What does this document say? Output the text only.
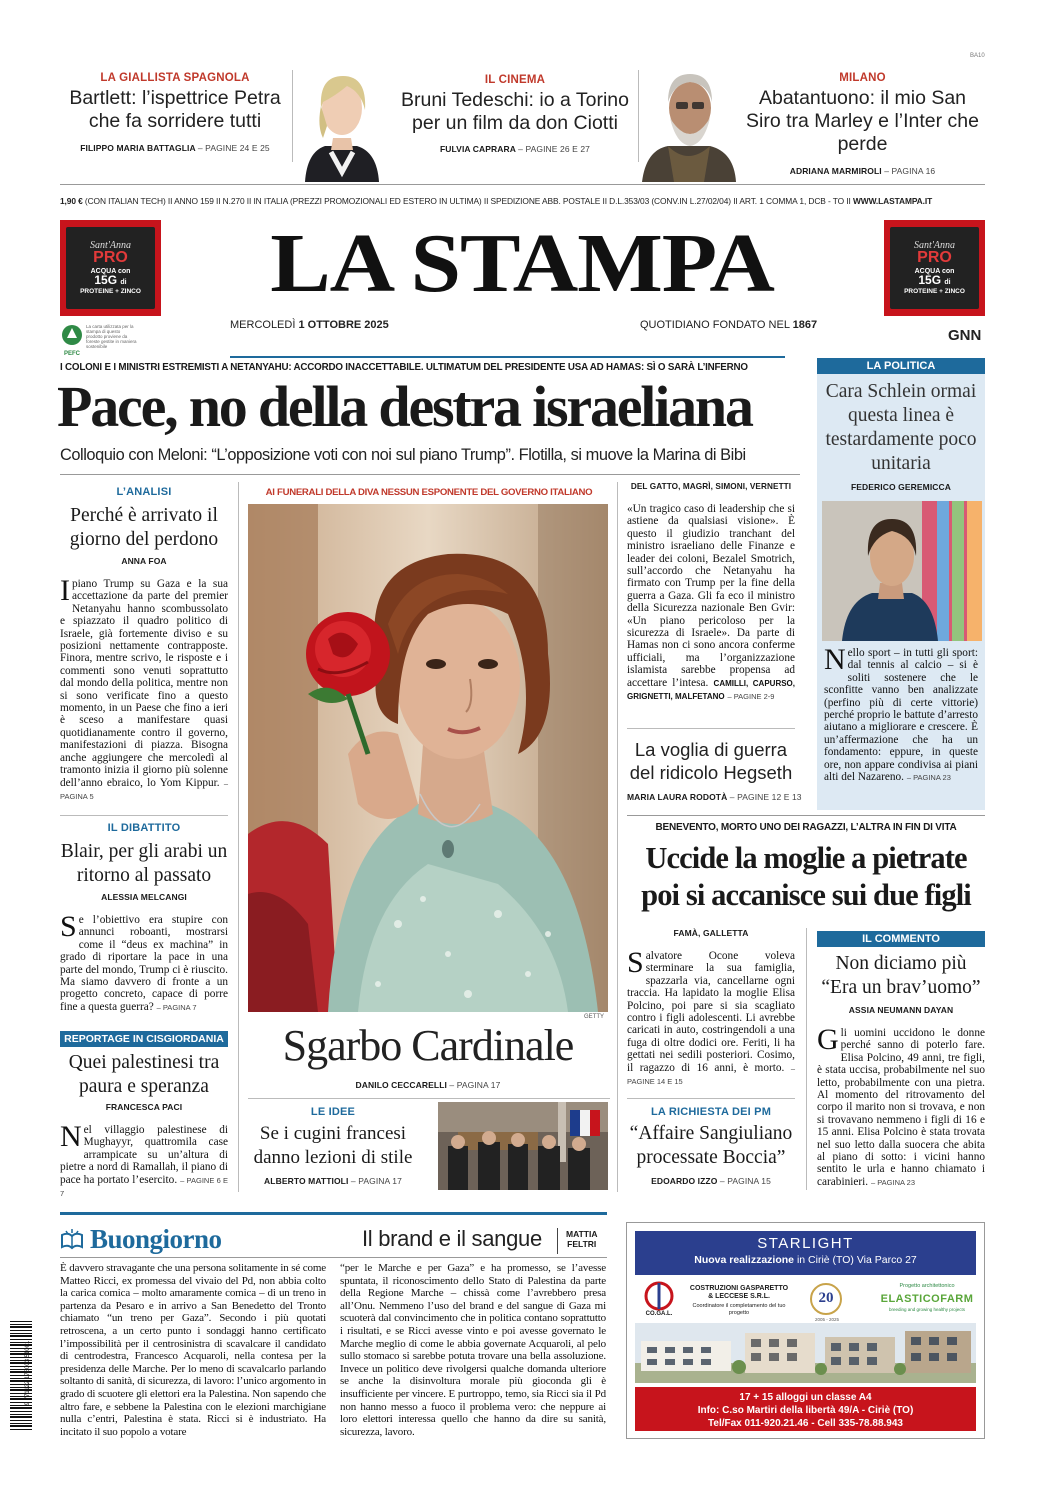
BA10
LA GIALLISTA SPAGNOLA
Bartlett: l’ispettrice Petra che fa sorridere tutti
FILIPPO MARIA BATTAGLIA – PAGINE 24 E 25
IL CINEMA
Bruni Tedeschi: io a Torino per un film da don Ciotti
FULVIA CAPRARA – PAGINE 26 E 27
MILANO
Abatantuono: il mio San Siro tra Marley e l’Inter che perde
ADRIANA MARMIROLI – PAGINA 16
1,90 € (CON ITALIAN TECH) II ANNO 159 II N.270 II IN ITALIA (PREZZI PROMOZIONALI ED ESTERO IN ULTIMA) II SPEDIZIONE ABB. POSTALE II D.L.353/03 (CONV.IN L.27/02/04) II ART. 1 COMMA 1, DCB - TO II WWW.LASTAMPA.IT
Sant'Anna
PRO
ACQUA con
15G di
PROTEINE + ZINCO	LA STAMPA	Sant'Anna
PRO
ACQUA con
15G di
PROTEINE + ZINCO
PEFC
La carta utilizzata per la stampa di questo prodotto proviene da foreste gestite in maniera sostenibile
MERCOLEDÌ 1 OTTOBRE 2025	QUOTIDIANO FONDATO NEL 1867
GNN
I COLONI E I MINISTRI ESTREMISTI A NETANYAHU: ACCORDO INACCETTABILE. ULTIMATUM DEL PRESIDENTE USA AD HAMAS: SÌ O SARÀ L’INFERNO
Pace, no della destra israeliana
Colloquio con Meloni: “L’opposizione voti con noi sul piano Trump”. Flotilla, si muove la Marina di Bibi
L’ANALISI
Perché è arrivato il giorno del perdono
ANNA FOA
Ipiano Trump su Gaza e la sua accettazione da parte del premier Netanyahu hanno scombussolato e spiazzato il quadro politico di Israele, già fortemente diviso e su posizioni nettamente contrapposte. Finora, mentre scrivo, le risposte e i commenti sono venuti soprattutto dal mondo della politica, mentre non si sono verificate fino a questo momento, in un Paese che fino a ieri è sceso a manifestare quasi quotidianamente contro il governo, manifestazioni di piazza. Bisogna anche aggiungere che mercoledì al tramonto inizia il giorno più solenne dell’anno ebraico, lo Yom Kippur. – PAGINA 5
IL DIBATTITO
Blair, per gli arabi un ritorno al passato
ALESSIA MELCANGI
Se l’obiettivo era stupire con annunci roboanti, mostrarsi come il “deus ex machina” in grado di riportare la pace in una parte del mondo, Trump ci è riuscito. Ma siamo davvero di fronte a un progetto concreto, capace di porre fine a questa guerra? – PAGINA 7
REPORTAGE IN CISGIORDANIA
Quei palestinesi tra paura e speranza
FRANCESCA PACI
Nel villaggio palestinese di Mughayyr, quattromila case arrampicate su un’altura di pietre a nord di Ramallah, il piano di pace ha portato l’esercito. – PAGINE 6 E 7
AI FUNERALI DELLA DIVA NESSUN ESPONENTE DEL GOVERNO ITALIANO
GETTY
Sgarbo Cardinale
DANILO CECCARELLI – PAGINA 17
LE IDEE
Se i cugini francesi danno lezioni di stile
ALBERTO MATTIOLI – PAGINA 17
DEL GATTO, MAGRÌ, SIMONI, VERNETTI
«Un tragico caso di leadership che si astiene da qualsiasi visione». È questo il giudizio tranchant del ministro israeliano delle Finanze e leader dei coloni, Bezalel Smotrich, sull’accordo che Netanyahu ha firmato con Trump per la fine della guerra a Gaza. Gli fa eco il ministro della Sicurezza nazionale Ben Gvir: «Un piano pericoloso per la sicurezza di Israele». Da parte di Hamas non ci sono ancora conferme ufficiali, ma l’organizzazione islamista sarebbe propensa ad accettare l’intesa. CAMILLI, CAPURSO, GRIGNETTI, MALFETANO – PAGINE 2-9
La voglia di guerra del ridicolo Hegseth
MARIA LAURA RODOTÀ – PAGINE 12 E 13
LA POLITICA
Cara Schlein ormai questa linea è testardamente poco unitaria
FEDERICO GEREMICCA
Nello sport – in tutti gli sport: dal tennis al calcio – si è soliti sostenere che le sconfitte vanno ben analizzate (perfino più di certe vittorie) perché proprio le battute d’arresto aiutano a migliorare e crescere. È un’affermazione che ha un fondamento: eppure, in queste ore, non appare condivisa ai piani alti del Nazareno. – PAGINA 23
BENEVENTO, MORTO UNO DEI RAGAZZI, L’ALTRA IN FIN DI VITA
Uccide la moglie a pietrate poi si accanisce sui due figli
FAMÀ, GALLETTA
Salvatore Ocone voleva sterminare la sua famiglia, spazzarla via, cancellarne ogni traccia. Ha lapidato la moglie Elisa Polcino, poi pare si sia scagliato contro i figli adolescenti. Li avrebbe caricati in auto, costringendoli a una fuga di oltre dodici ore. Feriti, li ha gettati nei sedili posteriori. Cosimo, il ragazzo di 16 anni, è morto. – PAGINE 14 E 15
IL COMMENTO
Non diciamo più “Era un brav’uomo”
ASSIA NEUMANN DAYAN
Gli uomini uccidono le donne perché sanno di poterlo fare. Elisa Polcino, 49 anni, tre figli, è stata uccisa, probabilmente nel suo letto, probabilmente con una pietra. Al momento del ritrovamento del corpo il marito non si trovava, e non si trovavano nemmeno i figli di 16 e 15 anni. Elisa Polcino è stata trovata nel suo letto dalla suocera che abita al piano di sotto: i vicini hanno sentito le urla e hanno chiamato i carabinieri. – PAGINA 23
LA RICHIESTA DEI PM
“Affaire Sangiuliano processate Boccia”
EDOARDO IZZO – PAGINA 15
Buongiorno	Il brand e il sangue	MATTIA
FELTRI
È davvero stravagante che una persona solitamente in sé come Matteo Ricci, ex promessa del vivaio del Pd, non abbia colto la carica comica – molto amaramente comica – di un treno in partenza da Pesaro e in arrivo a San Benedetto del Tronto chiamato “un treno per Gaza”. Secondo i più quotati retroscena, a un certo punto i sondaggi hanno certificato l’impossibilità per il centrosinistra di scavalcare il candidato di centrodestra, Francesco Acquaroli, nella contesa per la presidenza delle Marche. Per lo meno di scavalcarlo parlando soltanto di sanità, di sicurezza, di lavoro: l’unico argomento in grado di scuotere gli elettori era la Palestina. Non sapendo che altro fare, e sebbene la Palestina con le elezioni marchigiane nulla c’entri, Palestina è stata. Ricci si è industriato. Ha incitato il suo popolo a votare
“per le Marche e per Gaza” e ha promesso, se l’avesse spuntata, il riconoscimento dello Stato di Palestina da parte della Regione Marche – chissà come l’avrebbero presa all’Onu. Nemmeno l’uso del brand e del sangue di Gaza mi scuoterà dal convincimento che in politica contano soprattutto i risultati, e se Ricci avesse vinto e poi avesse governato le Marche meglio di come le abbia governate Acquaroli, al pelo sullo stomaco si sarebbe potuta trovare una bella assoluzione. Invece un politico deve rivolgersi qualche domanda ulteriore se anche la disinvoltura morale più gioconda gli è insufficiente per vincere. E purtroppo, temo, sia Ricci sia il Pd non hanno messo a fuoco il problema vero: che neppure ai loro elettori interessa quello che hanno da dire su sanità, sicurezza, lavoro.
9 771122 176003 51001
STARLIGHT
Nuova realizzazione in Ciriè (TO) Via Parco 27
CO.GA.L.
COSTRUZIONI GASPARETTO & LECCESE S.R.L.
Coordinatore il completamento del tuo progetto
20
2005 - 2025
Progetto architettonico
ELASTICOFARM
breeding and growing healthy projects
17 + 15 alloggi un classe A4
Info: C.so Martiri della libertà 49/A - Ciriè (TO)
Tel/Fax 011-920.21.46 - Cell 335-78.88.943
